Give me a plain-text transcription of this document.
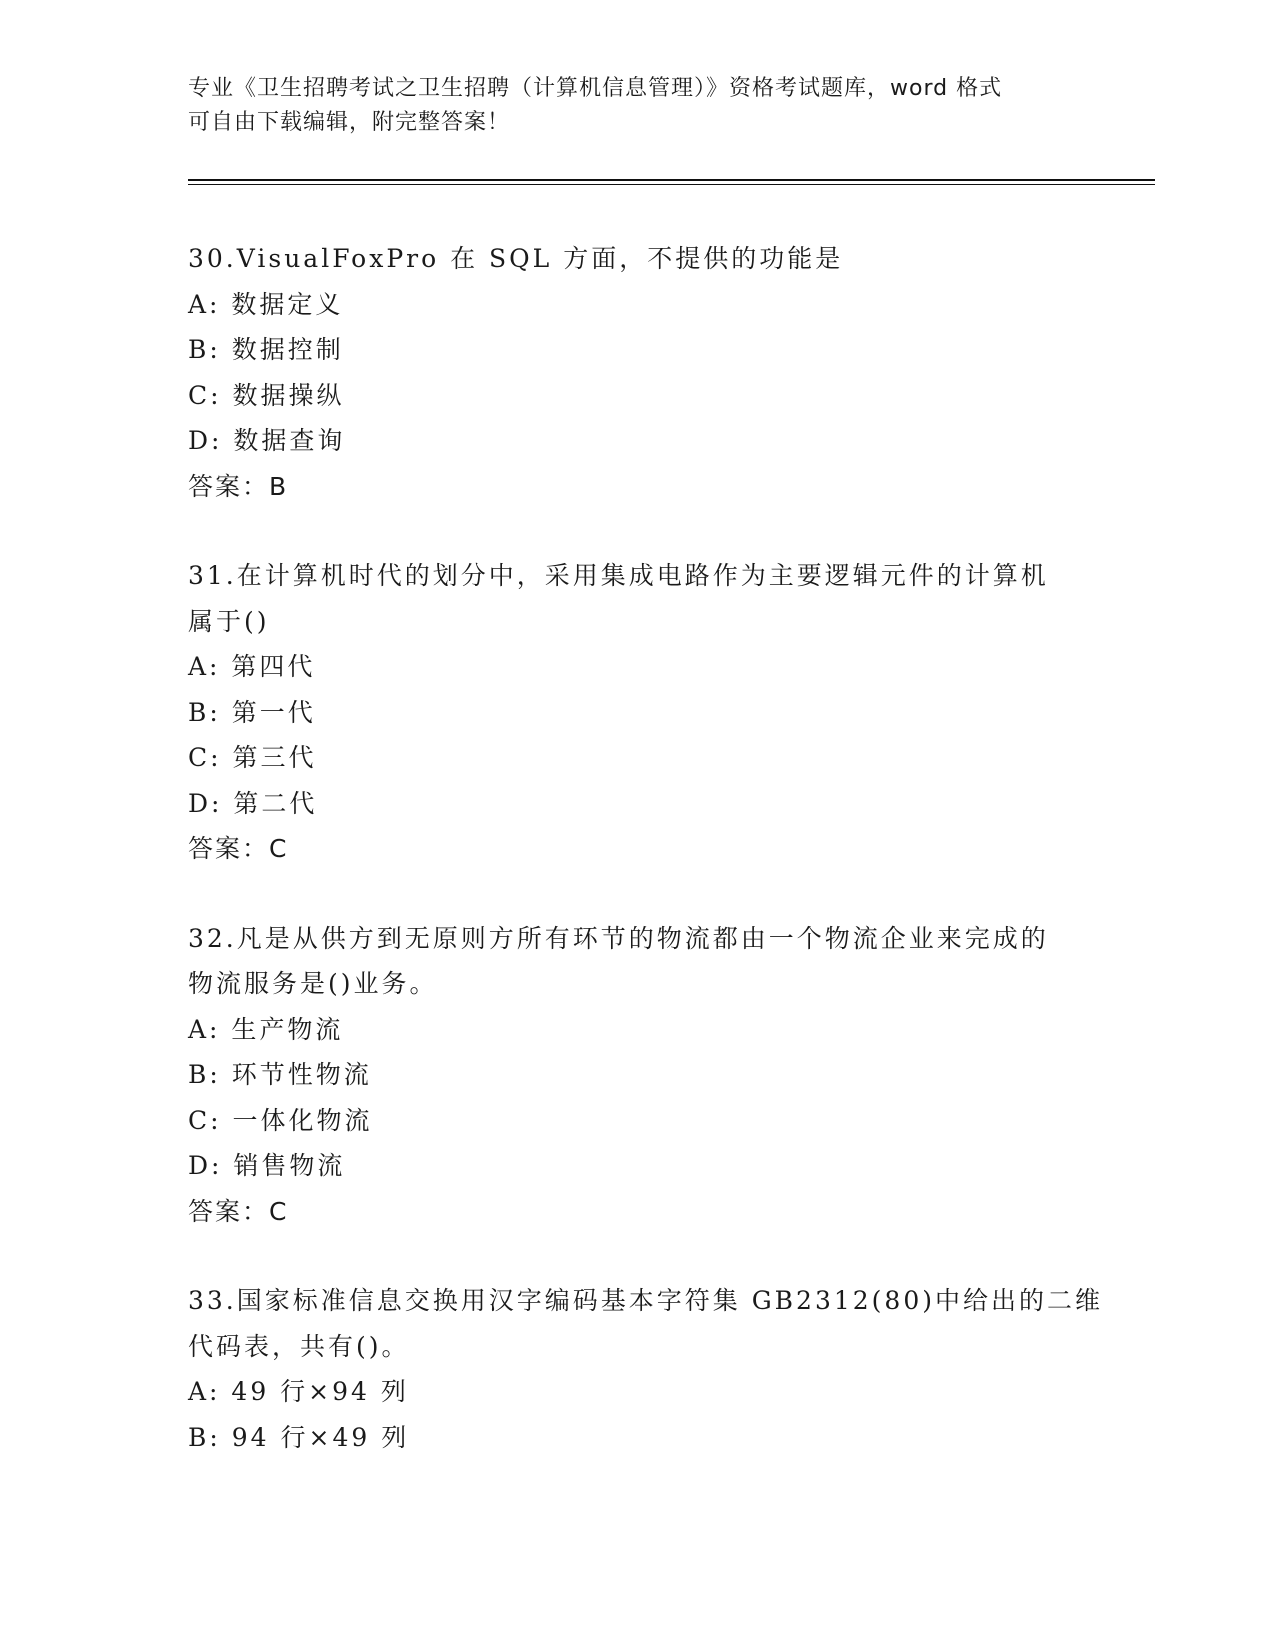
专业《卫生招聘考试之卫生招聘（计算机信息管理）》资格考试题库，word 格式
可自由下载编辑，附完整答案！
30.VisualFoxPro 在 SQL 方面，不提供的功能是
A: 数据定义
B: 数据控制
C: 数据操纵
D: 数据查询
答案：B
31.在计算机时代的划分中，采用集成电路作为主要逻辑元件的计算机
属于()
A: 第四代
B: 第一代
C: 第三代
D: 第二代
答案：C
32.凡是从供方到无原则方所有环节的物流都由一个物流企业来完成的
物流服务是()业务。
A: 生产物流
B: 环节性物流
C: 一体化物流
D: 销售物流
答案：C
33.国家标准信息交换用汉字编码基本字符集 GB2312(80)中给出的二维
代码表，共有()。
A: 49 行×94 列
B: 94 行×49 列
